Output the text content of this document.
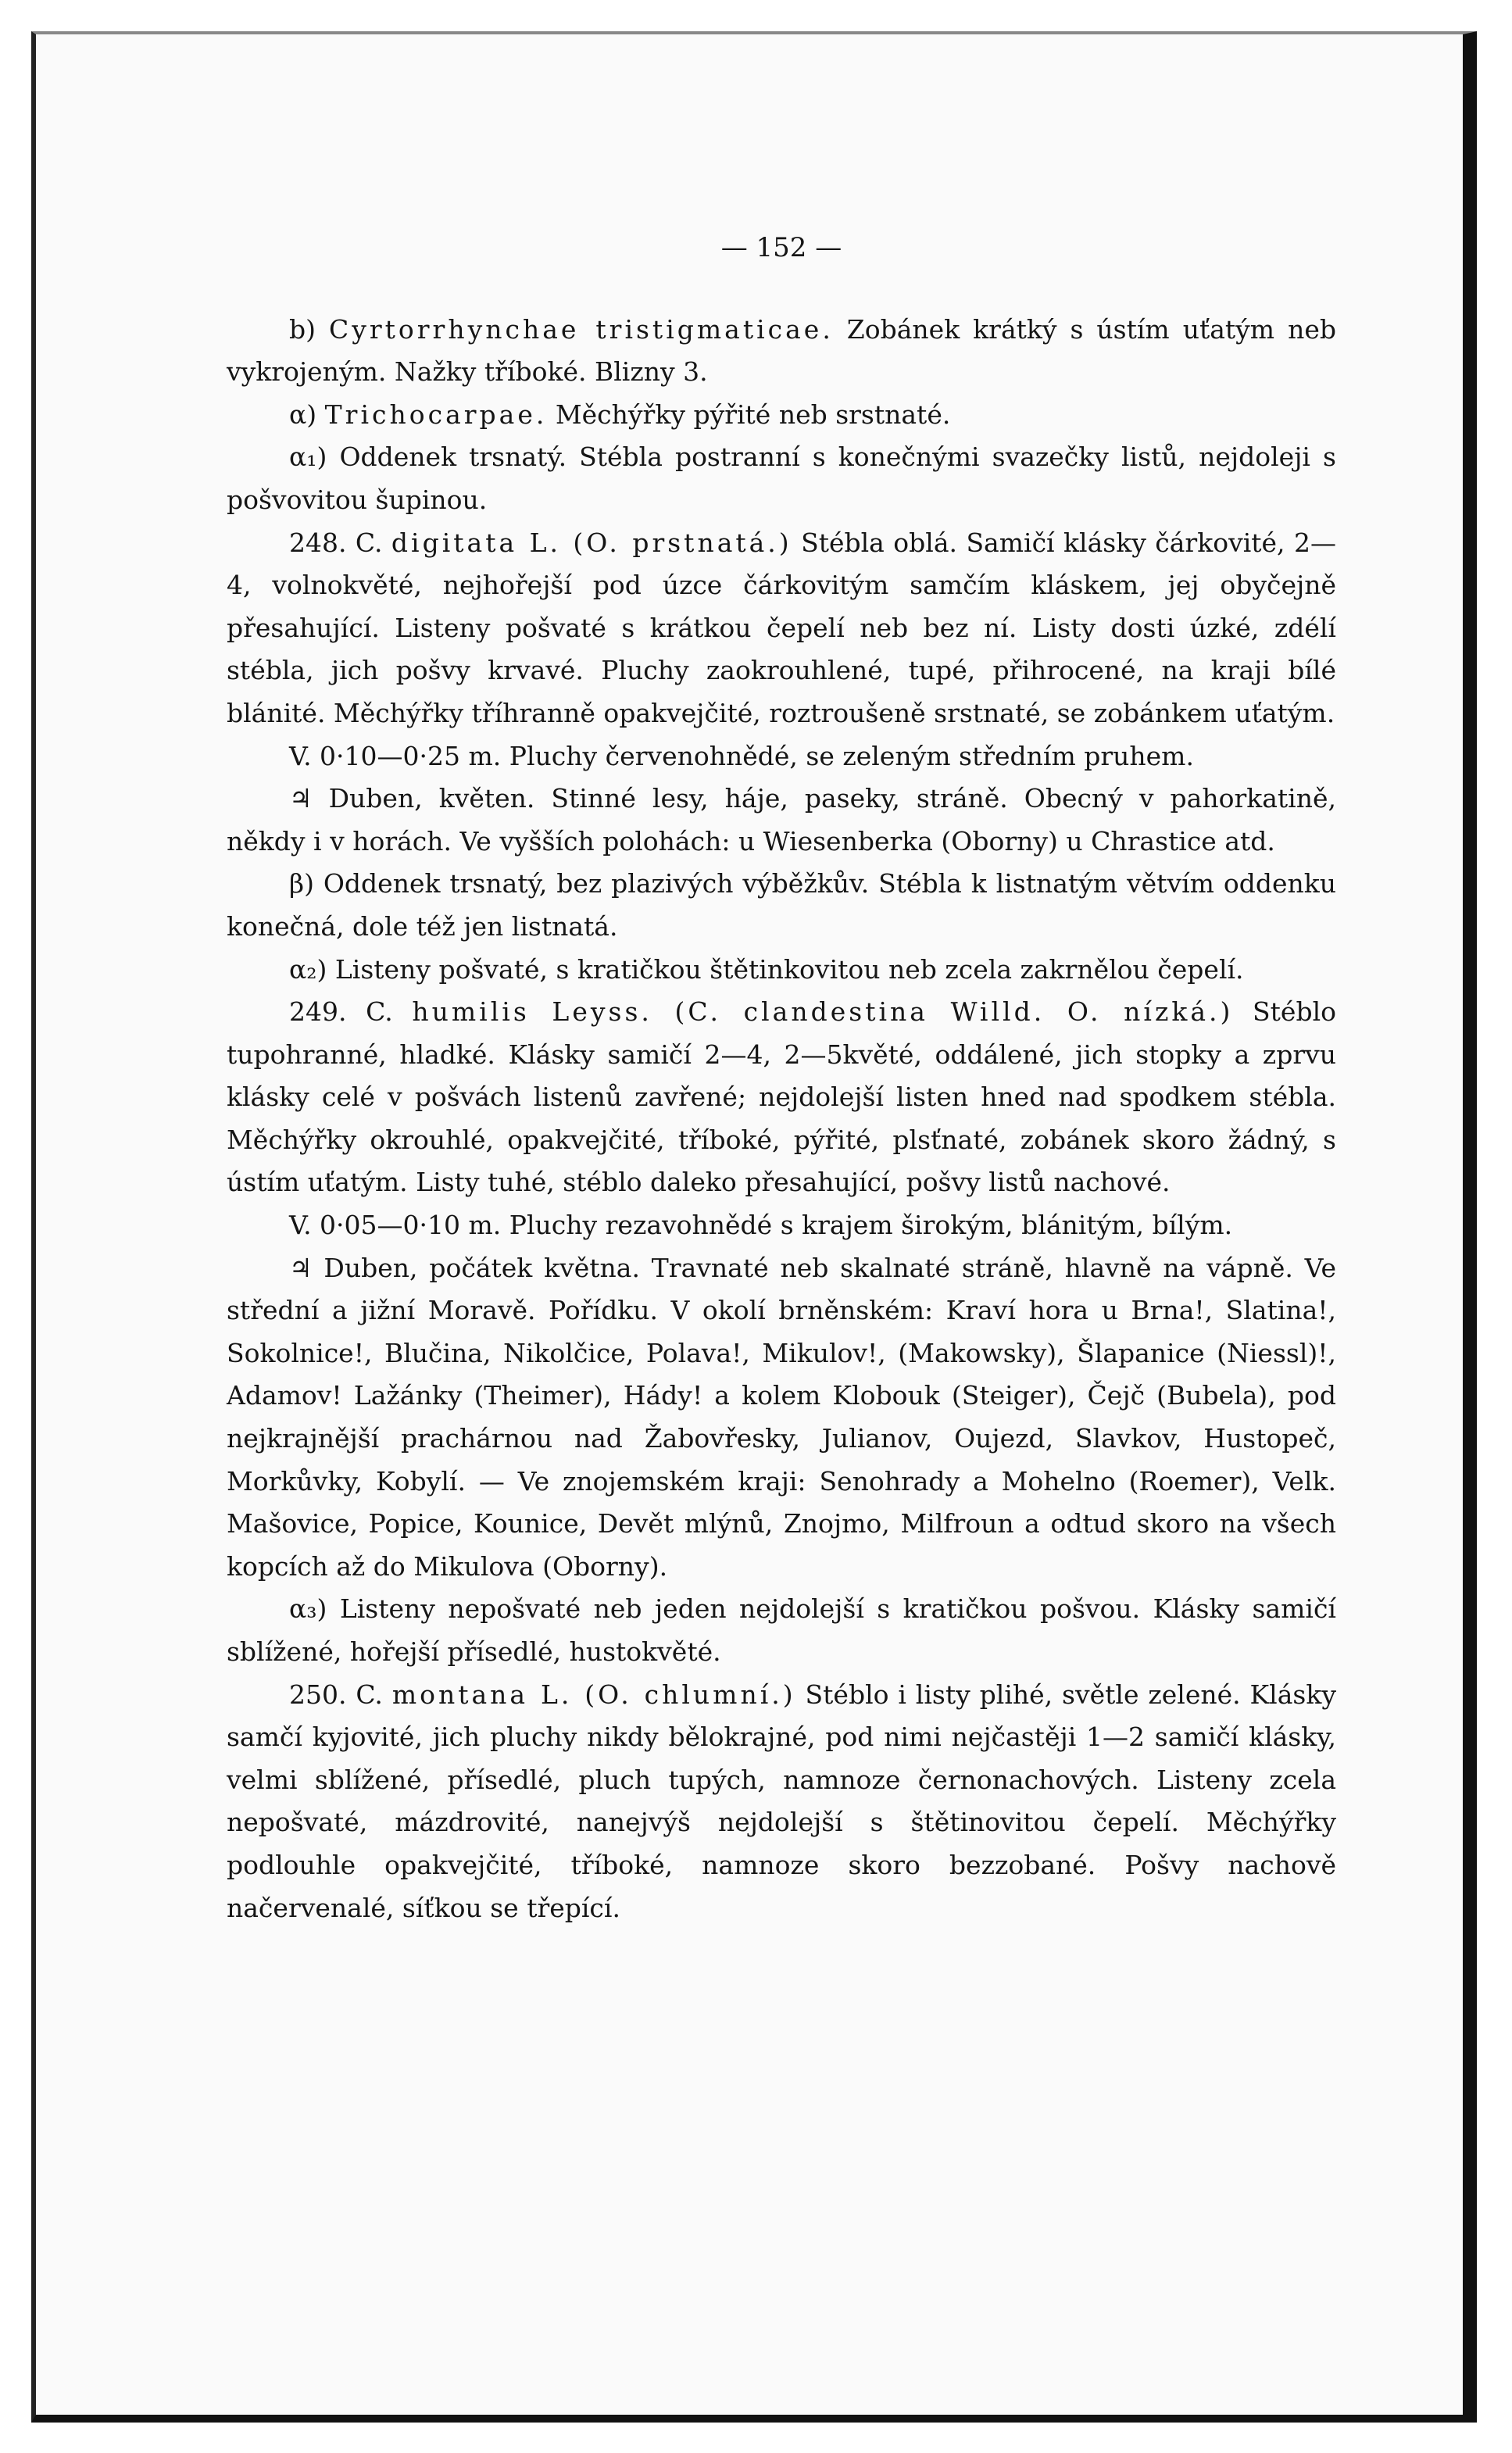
— 152 —

b) Cyrtorrhynchae tristigmaticae. Zobánek krátký s ústím uťatým neb vykrojeným. Nažky tříboké. Blizny 3.

α) Trichocarpae. Měchýřky pýřité neb srstnaté.

α₁) Oddenek trsnatý. Stébla postranní s konečnými svazečky listů, nejdoleji s pošvovitou šupinou.

248. C. digitata L. (O. prstnatá.) Stébla oblá. Samičí klásky čárkovité, 2—4, volnokvěté, nejhořejší pod úzce čárkovitým samčím kláskem, jej obyčejně přesahující. Listeny pošvaté s krátkou čepelí neb bez ní. Listy dosti úzké, zdélí stébla, jich pošvy krvavé. Pluchy zaokrouhlené, tupé, přihrocené, na kraji bílé blánité. Měchýřky tříhranně opakvejčité, roztroušeně srstnaté, se zobánkem uťatým.

V. 0·10—0·25 m. Pluchy červenohnědé, se zeleným středním pruhem.

♃ Duben, květen. Stinné lesy, háje, paseky, stráně. Obecný v pahorkatině, někdy i v horách. Ve vyšších polohách: u Wiesenberka (Oborny) u Chrastice atd.

β) Oddenek trsnatý, bez plazivých výběžkův. Stébla k listnatým větvím oddenku konečná, dole též jen listnatá.

α₂) Listeny pošvaté, s kratičkou štětinkovitou neb zcela zakrnělou čepelí.

249. C. humilis Leyss. (C. clandestina Willd. O. nízká.) Stéblo tupohranné, hladké. Klásky samičí 2—4, 2—5květé, oddálené, jich stopky a zprvu klásky celé v pošvách listenů zavřené; nejdolejší listen hned nad spodkem stébla. Měchýřky okrouhlé, opakvejčité, tříboké, pýřité, plsťnaté, zobánek skoro žádný, s ústím uťatým. Listy tuhé, stéblo daleko přesahující, pošvy listů nachové.

V. 0·05—0·10 m. Pluchy rezavohnědé s krajem širokým, blánitým, bílým.

♃ Duben, počátek května. Travnaté neb skalnaté stráně, hlavně na vápně. Ve střední a jižní Moravě. Pořídku. V okolí brněnském: Kraví hora u Brna!, Slatina!, Sokolnice!, Blučina, Nikolčice, Polava!, Mikulov!, (Makowsky), Šlapanice (Niessl)!, Adamov! Lažánky (Theimer), Hády! a kolem Klobouk (Steiger), Čejč (Bubela), pod nejkrajnější prachárnou nad Žabovřesky, Julianov, Oujezd, Slavkov, Hustopeč, Morkůvky, Kobylí. — Ve znojemském kraji: Senohrady a Mohelno (Roemer), Velk. Mašovice, Popice, Kounice, Devět mlýnů, Znojmo, Milfroun a odtud skoro na všech kopcích až do Mikulova (Oborny).

α₃) Listeny nepošvaté neb jeden nejdolejší s kratičkou pošvou. Klásky samičí sblížené, hořejší přísedlé, hustokvěté.

250. C. montana L. (O. chlumní.) Stéblo i listy plihé, světle zelené. Klásky samčí kyjovité, jich pluchy nikdy bělokrajné, pod nimi nejčastěji 1—2 samičí klásky, velmi sblížené, přísedlé, pluch tupých, namnoze černonachových. Listeny zcela nepošvaté, mázdrovité, nanejvýš nejdolejší s štětinovitou čepelí. Měchýřky podlouhle opakvejčité, tříboké, namnoze skoro bezzobané. Pošvy nachově načervenalé, síťkou se třepící.
